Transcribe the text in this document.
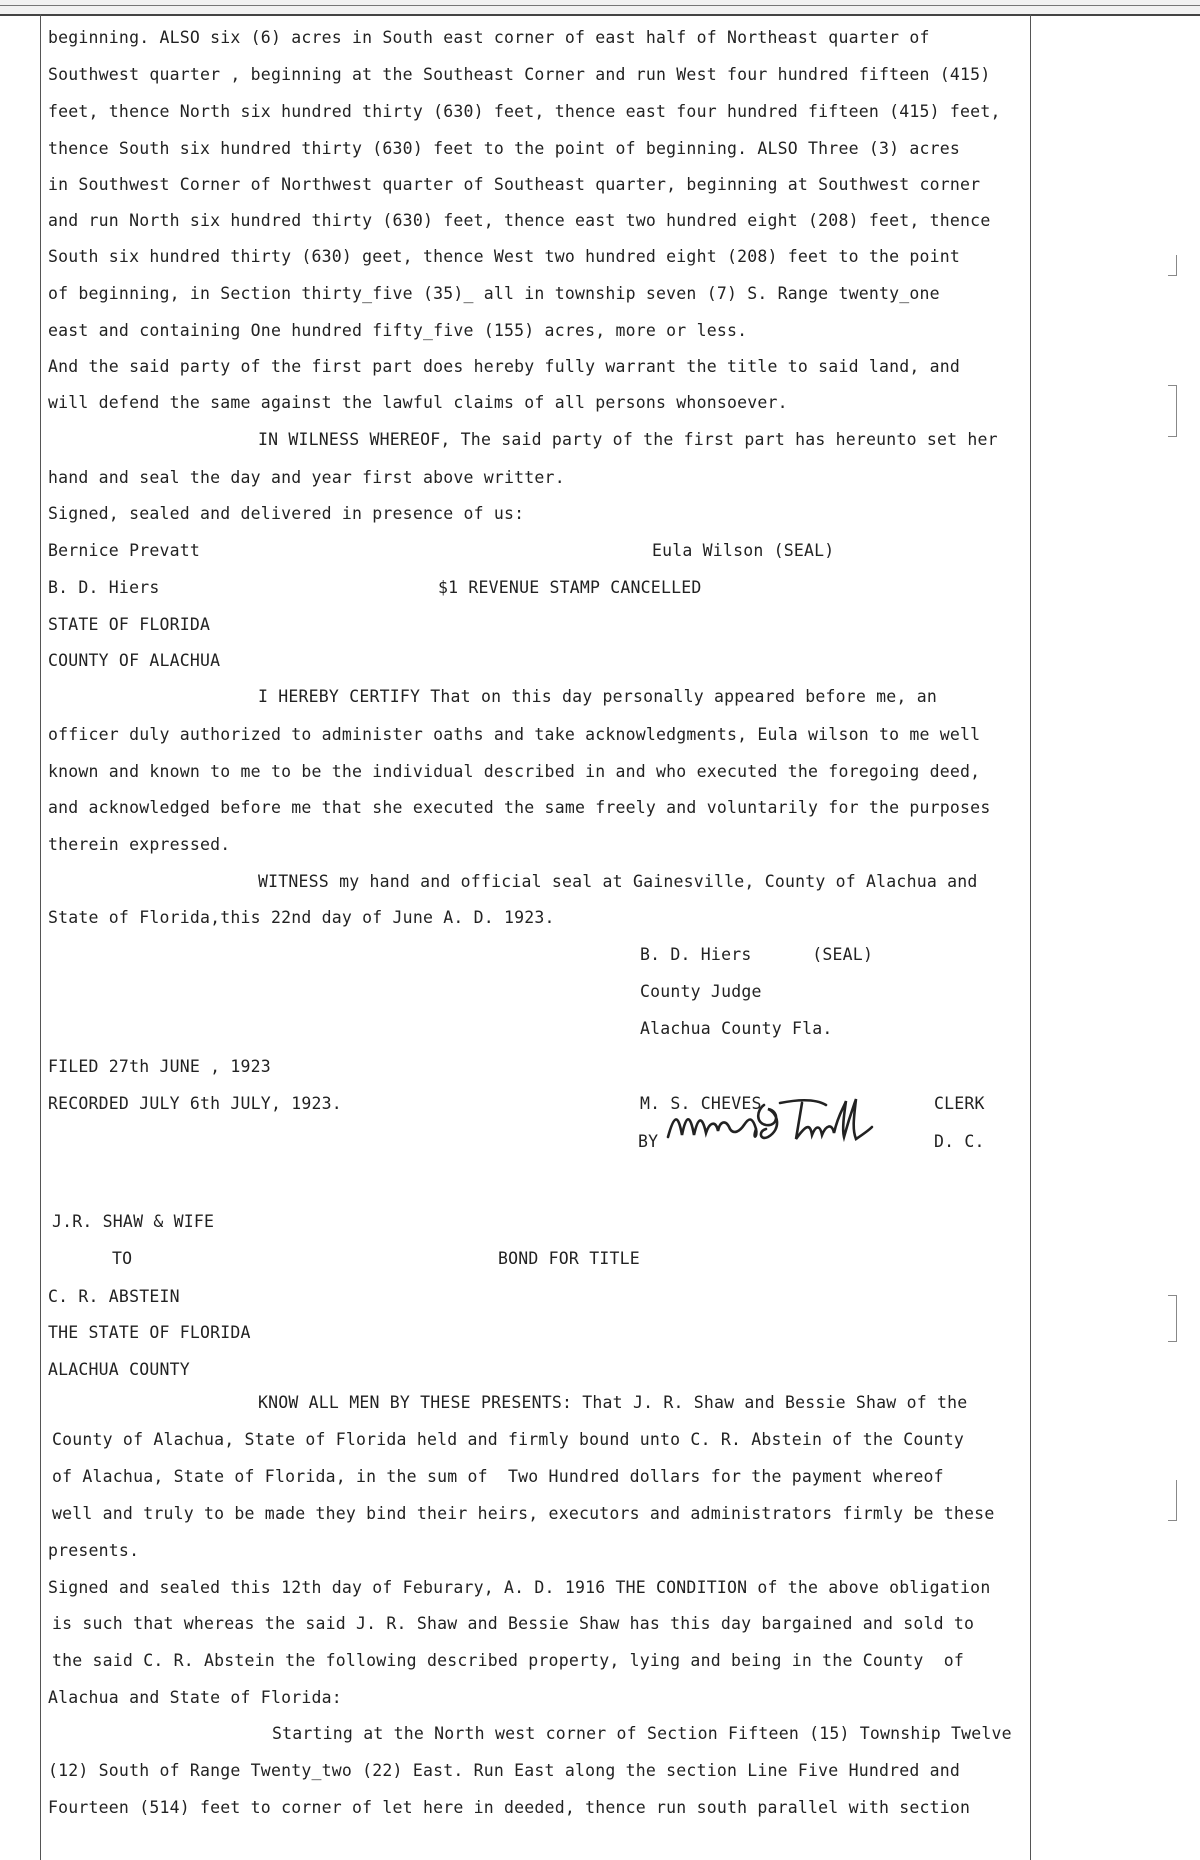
beginning. ALSO six (6) acres in South east corner of east half of Northeast quarter of
Southwest quarter , beginning at the Southeast Corner and run West four hundred fifteen (415)
feet, thence North six hundred thirty (630) feet, thence east four hundred fifteen (415) feet,
thence South six hundred thirty (630) feet to the point of beginning. ALSO Three (3) acres
in Southwest Corner of Northwest quarter of Southeast quarter, beginning at Southwest corner
and run North six hundred thirty (630) feet, thence east two hundred eight (208) feet, thence
South six hundred thirty (630) geet, thence West two hundred eight (208) feet to the point
of beginning, in Section thirty_five (35)_ all in township seven (7) S. Range twenty_one
east and containing One hundred fifty_five (155) acres, more or less.
And the said party of the first part does hereby fully warrant the title to said land, and
will defend the same against the lawful claims of all persons whonsoever.
IN WILNESS WHEREOF, The said party of the first part has hereunto set her
hand and seal the day and year first above writter.
Signed, sealed and delivered in presence of us:
Bernice Prevatt	Eula Wilson (SEAL)
B. D. Hiers	$1 REVENUE STAMP CANCELLED
STATE OF FLORIDA
COUNTY OF ALACHUA
I HEREBY CERTIFY That on this day personally appeared before me, an
officer duly authorized to administer oaths and take acknowledgments, Eula wilson to me well
known and known to me to be the individual described in and who executed the foregoing deed,
and acknowledged before me that she executed the same freely and voluntarily for the purposes
therein expressed.
WITNESS my hand and official seal at Gainesville, County of Alachua and
State of Florida,this 22nd day of June A. D. 1923.
B. D. Hiers      (SEAL)
County Judge
Alachua County Fla.
FILED 27th JUNE , 1923
RECORDED JULY 6th JULY, 1923.	M. S. CHEVES	CLERK
BY	D. C.
J.R. SHAW & WIFE
TO	BOND FOR TITLE
C. R. ABSTEIN
THE STATE OF FLORIDA
ALACHUA COUNTY
KNOW ALL MEN BY THESE PRESENTS: That J. R. Shaw and Bessie Shaw of the
County of Alachua, State of Florida held and firmly bound unto C. R. Abstein of the County
of Alachua, State of Florida, in the sum of  Two Hundred dollars for the payment whereof
well and truly to be made they bind their heirs, executors and administrators firmly be these
presents.
Signed and sealed this 12th day of Feburary, A. D. 1916 THE CONDITION of the above obligation
is such that whereas the said J. R. Shaw and Bessie Shaw has this day bargained and sold to
the said C. R. Abstein the following described property, lying and being in the County  of
Alachua and State of Florida:
Starting at the North west corner of Section Fifteen (15) Township Twelve
(12) South of Range Twenty_two (22) East. Run East along the section Line Five Hundred and
Fourteen (514) feet to corner of let here in deeded, thence run south parallel with section
